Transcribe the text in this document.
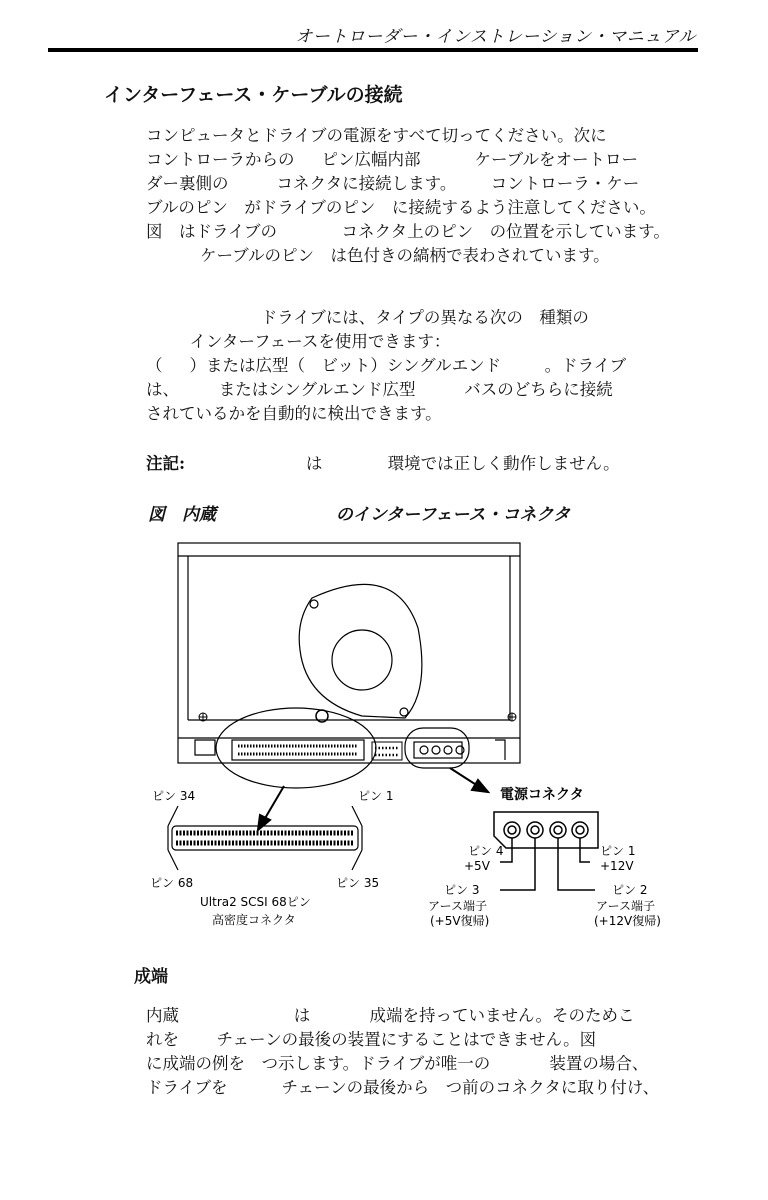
オートローダー・インストレーション・マニュアル
インターフェース・ケーブルの接続
コンピュータとドライブの電源をすべて切ってください。次に
コントローラからの　  ピン広幅内部　　    ケーブルをオートロー
ダー裏側の　      コネクタに接続します。　     コントローラ・ケー
ブルのピン　がドライブのピン　に接続するよう注意してください。
図　はドライブの　　      コネクタ上のピン　の位置を示しています。
　　    ケーブルのピン　は色付きの縞柄で表わされています。
　　　　　　   ドライブには、タイプの異なる次の　種類の
　　  インターフェースを使用できます：
（　  ）または広型（　ビット）シングルエンド　　  。ドライブ
は、　      またはシングルエンド広型　　   バスのどちらに接続
されているかを自動的に検出できます。
注記:　　　　　　　 は　　　   環境では正しく動作しません。
図　内蔵　　　　　　   のインターフェース・コネクタ
ピン 34	ピン 1
ピン 68	ピン 35
Ultra2 SCSI 68ピン
高密度コネクタ
電源コネクタ
ピン 4
+5V
ピン 1
+12V
ピン 3
アース端子
(+5V復帰)
ピン 2
アース端子
(+12V復帰)
成端
内蔵　　　　　　   は　　     成端を持っていません。そのためこ
れを　    チェーンの最後の装置にすることはできません。図
に成端の例を　つ示します。ドライブが唯一の　　     装置の場合、
ドライブを　　    チェーンの最後から　つ前のコネクタに取り付け、
